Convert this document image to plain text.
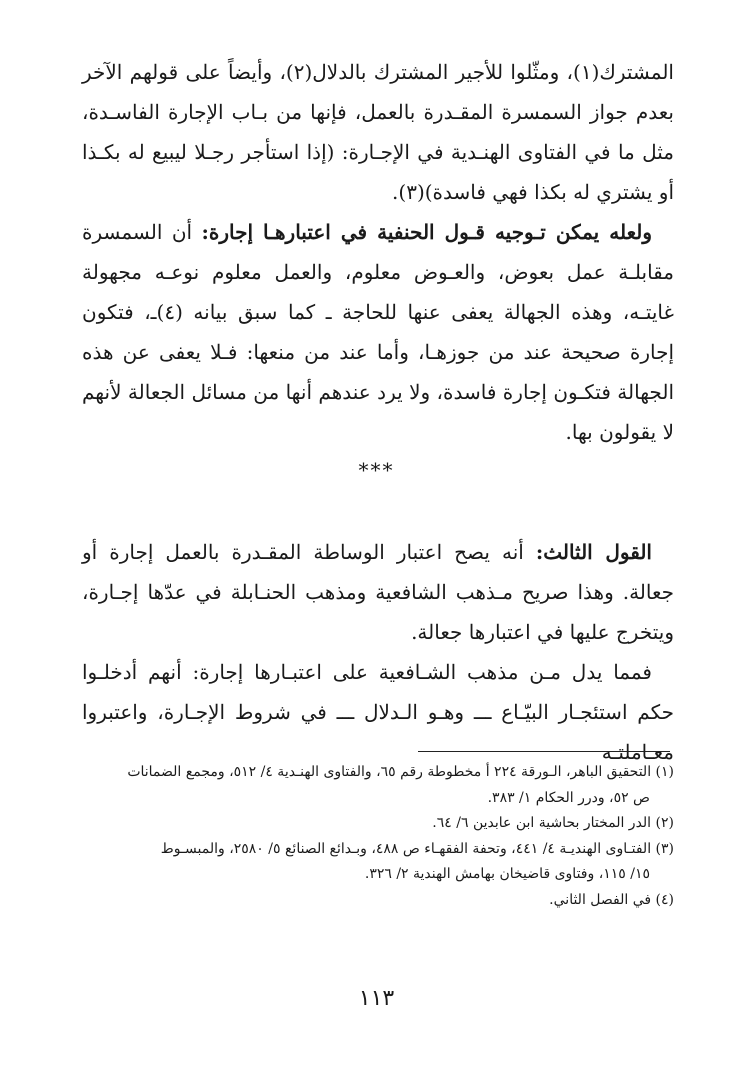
المشترك(١)، ومثّلوا للأجير المشترك بالدلال(٢)، وأيضاً على قولهم الآخر بعدم جواز السمسرة المقـدرة بالعمل، فإنها من بـاب الإجارة الفاسـدة، مثل ما في الفتاوى الهنـدية في الإجـارة: (إذا استأجر رجـلا ليبيع له بكـذا أو يشتري له بكذا فهي فاسدة)(٣).

ولعله يمكن تـوجيه قـول الحنفية في اعتبارهـا إجارة: أن السمسرة مقابلـة عمل بعوض، والعـوض معلوم، والعمل معلوم نوعـه مجهولة غايتـه، وهذه الجهالة يعفى عنها للحاجة ـ كما سبق بيانه (٤)ـ، فتكون إجارة صحيحة عند من جوزهـا، وأما عند من منعها: فـلا يعفى عن هذه الجهالة فتكـون إجارة فاسدة، ولا يرد عندهم أنها من مسائل الجعالة لأنهم لا يقولون بها.

***

القول الثالث: أنه يصح اعتبار الوساطة المقـدرة بالعمل إجارة أو جعالة. وهذا صريح مـذهب الشافعية ومذهب الحنـابلة في عدّها إجـارة، ويتخرج عليها في اعتبارها جعالة.

فمما يدل مـن مذهب الشـافعية على اعتبـارها إجارة: أنهم أدخلـوا حكم استئجـار البيّـاع ـــ وهـو الـدلال ـــ في شروط الإجـارة، واعتبروا معـاملتـه

(١) التحقيق الباهر، الـورقة ٢٢٤ أ مخطوطة رقم ٦٥، والفتاوى الهنـدية ٤/ ٥١٢، ومجمع الضمانات
ص ٥٢، ودرر الحكام ١/ ٣٨٣.
(٢) الدر المختار بحاشية ابن عابدين ٦/ ٦٤.
(٣) الفتـاوى الهنديـة ٤/ ٤٤١، وتحفة الفقهـاء ص ٤٨٨، وبـدائع الصنائع ٥/ ٢٥٨٠، والمبسـوط
١٥/ ١١٥، وفتاوى قاضيخان بهامش الهندية ٢/ ٣٢٦.
(٤) في الفصل الثاني.
١١٣
